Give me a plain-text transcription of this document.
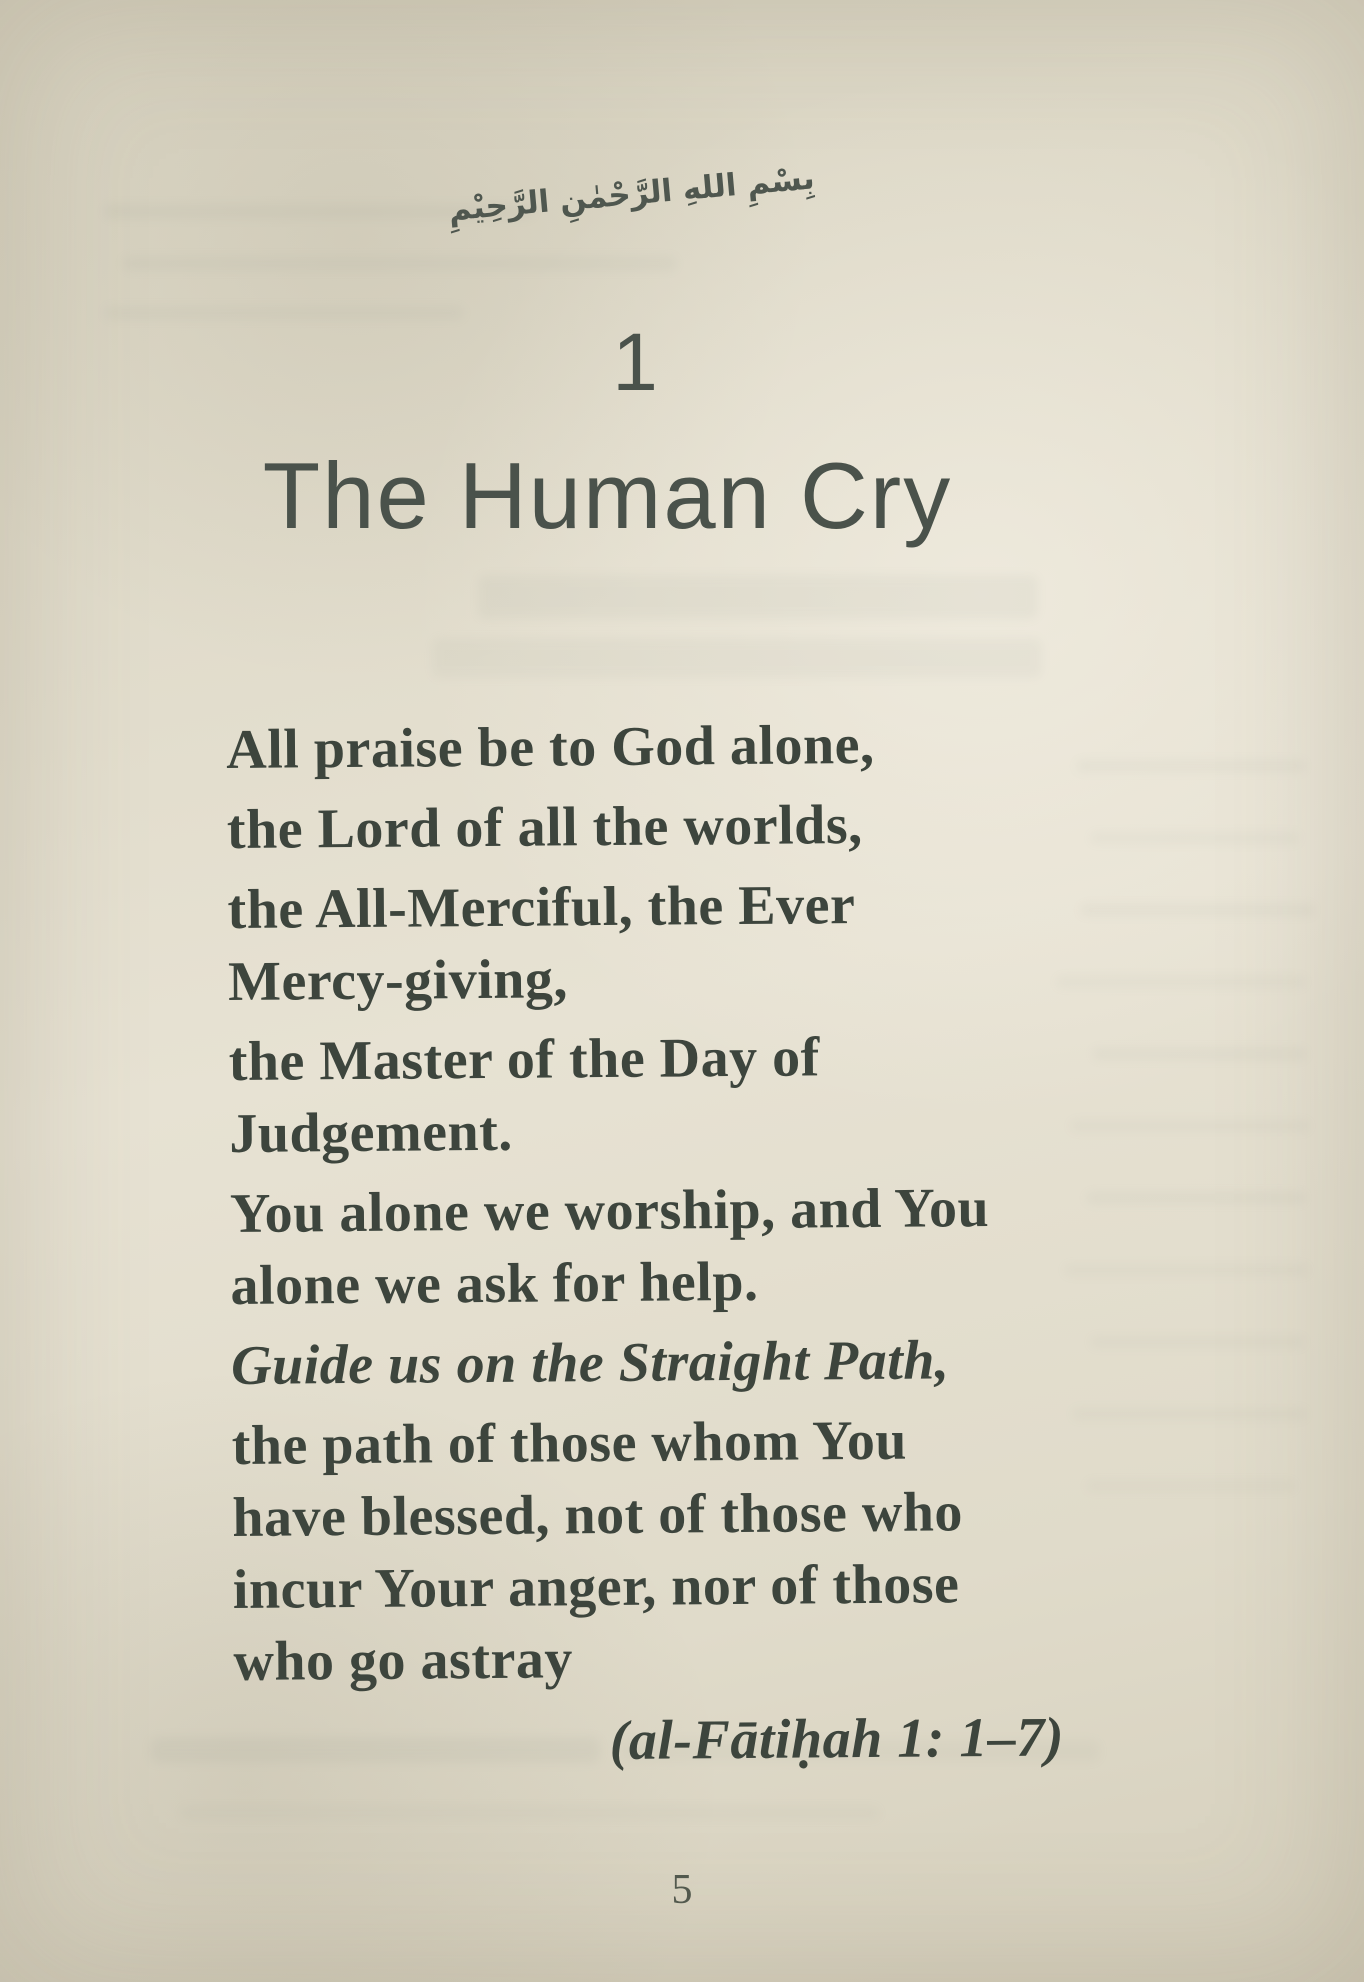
بِسْمِ اللهِ الرَّحْمٰنِ الرَّحِيْمِ
1
The Human Cry

All praise be to God alone,

the Lord of all the worlds,

the All-Merciful, the Ever
Mercy-giving,

the Master of the Day of
Judgement.

You alone we worship, and You
alone we ask for help.

Guide us on the Straight Path,

the path of those whom You
have blessed, not of those who
incur Your anger, nor of those
who go astray

(al-Fātiḥah 1: 1–7)
5
